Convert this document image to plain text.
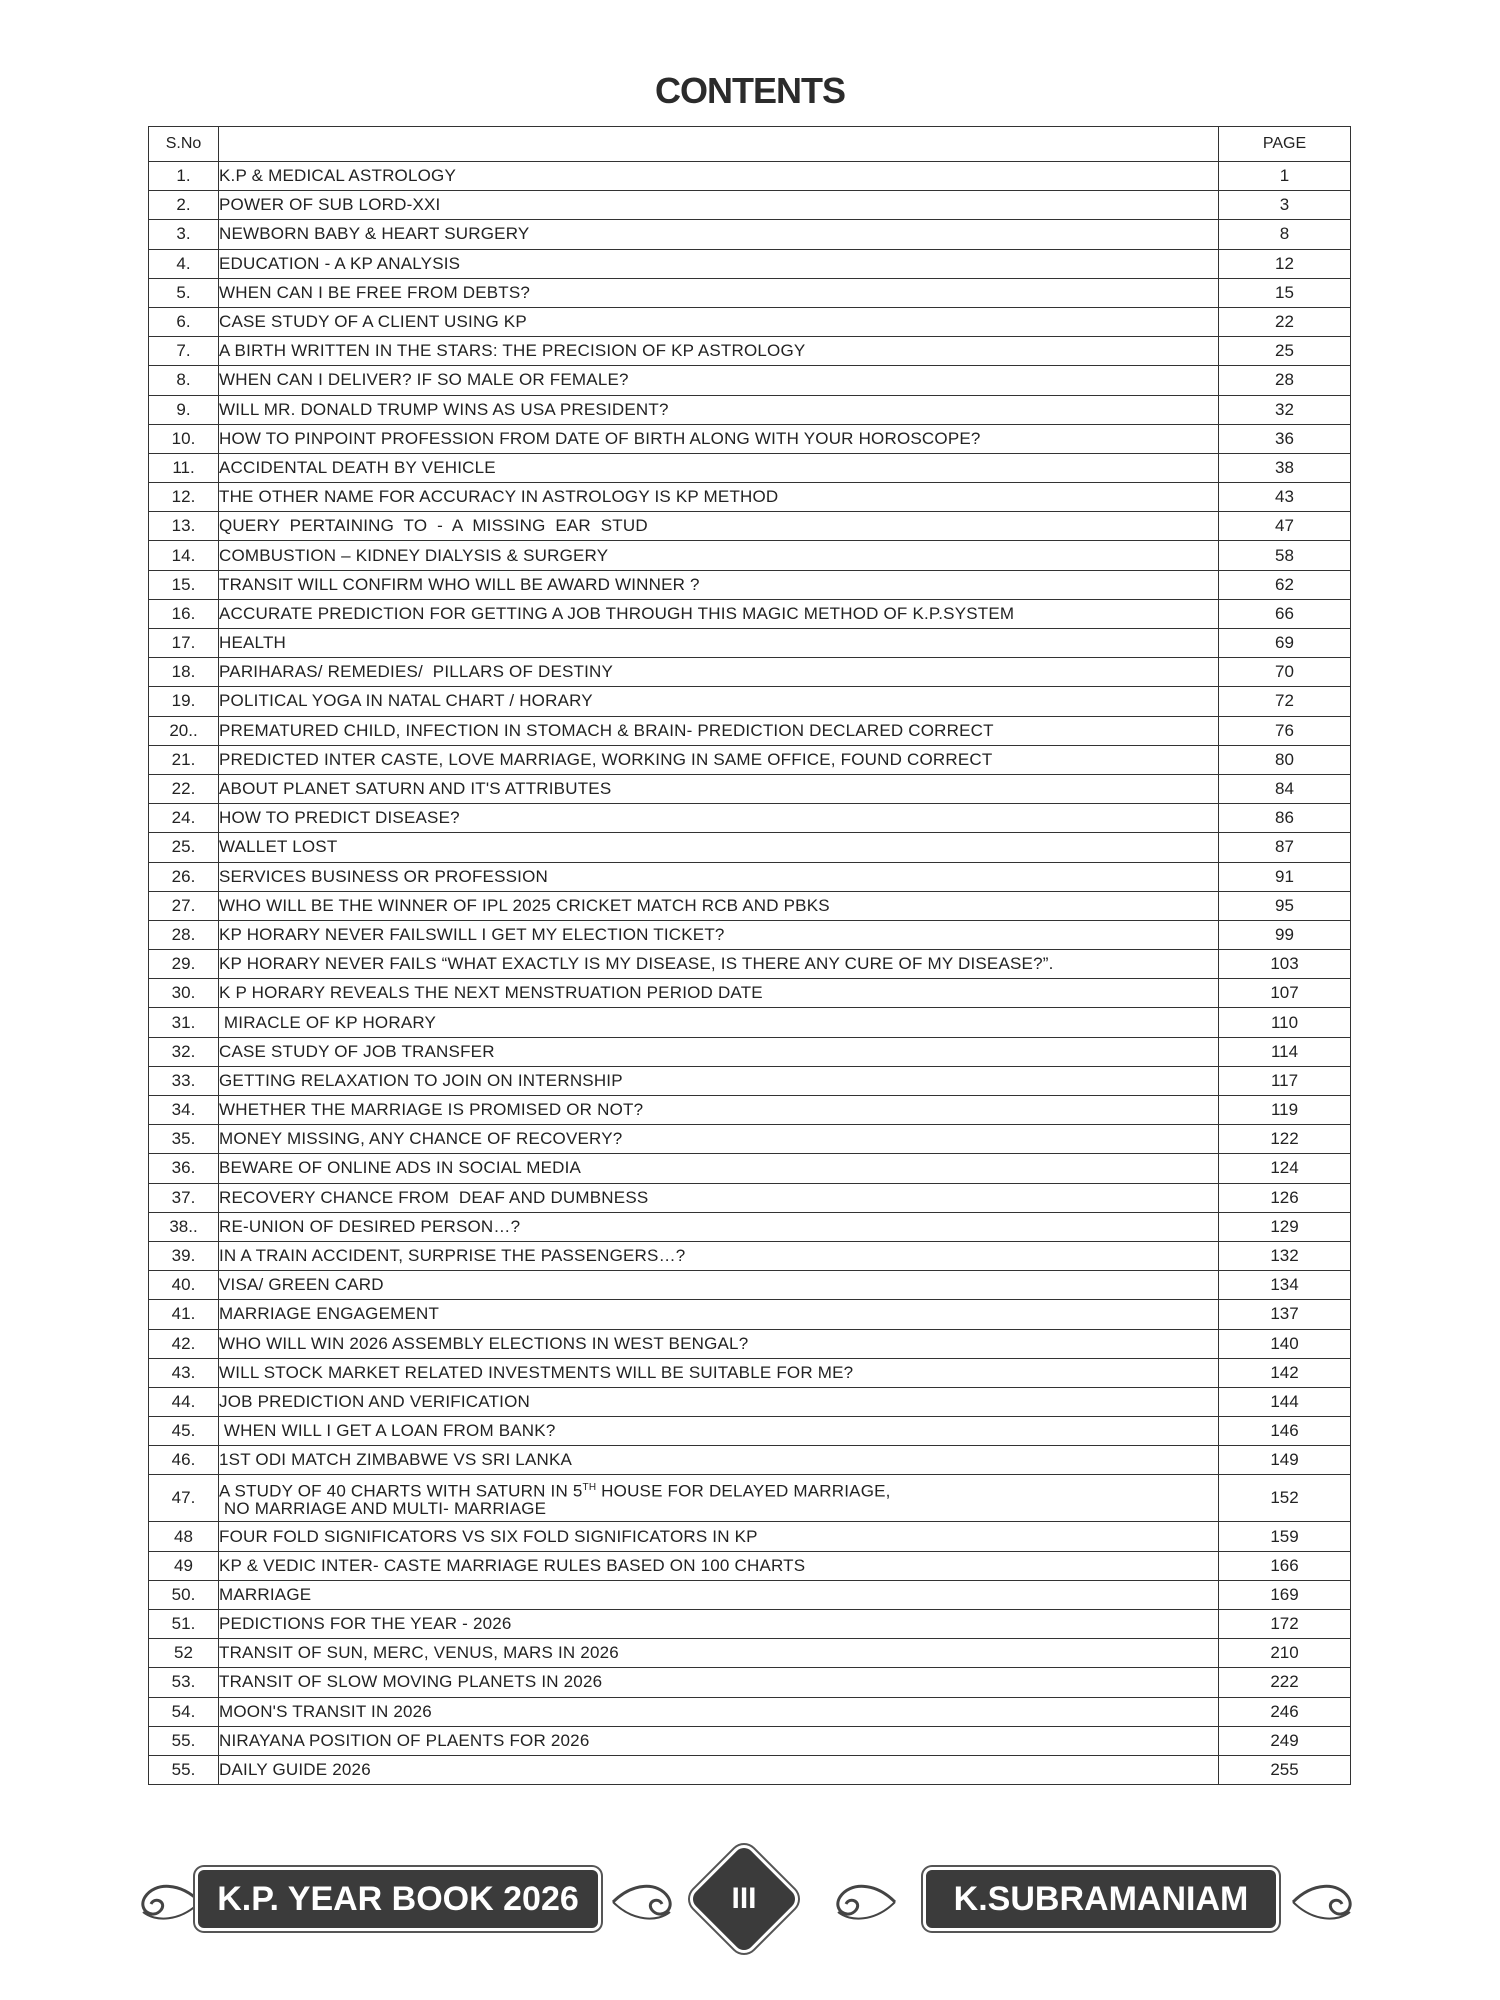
CONTENTS
S.No		PAGE
1.	K.P & MEDICAL ASTROLOGY	1
2.	POWER OF SUB LORD-XXI	3
3.	NEWBORN BABY & HEART SURGERY	8
4.	EDUCATION - A KP ANALYSIS	12
5.	WHEN CAN I BE FREE FROM DEBTS?	15
6.	CASE STUDY OF A CLIENT USING KP	22
7.	A BIRTH WRITTEN IN THE STARS: THE PRECISION OF KP ASTROLOGY	25
8.	WHEN CAN I DELIVER? IF SO MALE OR FEMALE?	28
9.	WILL MR. DONALD TRUMP WINS AS USA PRESIDENT?	32
10.	HOW TO PINPOINT PROFESSION FROM DATE OF BIRTH ALONG WITH YOUR HOROSCOPE?	36
11.	ACCIDENTAL DEATH BY VEHICLE	38
12.	THE OTHER NAME FOR ACCURACY IN ASTROLOGY IS KP METHOD	43
13.	QUERY  PERTAINING  TO  -  A  MISSING  EAR  STUD	47
14.	COMBUSTION – KIDNEY DIALYSIS & SURGERY	58
15.	TRANSIT WILL CONFIRM WHO WILL BE AWARD WINNER ?	62
16.	ACCURATE PREDICTION FOR GETTING A JOB THROUGH THIS MAGIC METHOD OF K.P.SYSTEM	66
17.	HEALTH	69
18.	PARIHARAS/ REMEDIES/  PILLARS OF DESTINY	70
19.	POLITICAL YOGA IN NATAL CHART / HORARY	72
20..	PREMATURED CHILD, INFECTION IN STOMACH & BRAIN- PREDICTION DECLARED CORRECT	76
21.	PREDICTED INTER CASTE, LOVE MARRIAGE, WORKING IN SAME OFFICE, FOUND CORRECT	80
22.	ABOUT PLANET SATURN AND IT'S ATTRIBUTES	84
24.	HOW TO PREDICT DISEASE?	86
25.	WALLET LOST	87
26.	SERVICES BUSINESS OR PROFESSION	91
27.	WHO WILL BE THE WINNER OF IPL 2025 CRICKET MATCH RCB AND PBKS	95
28.	KP HORARY NEVER FAILSWILL I GET MY ELECTION TICKET?	99
29.	KP HORARY NEVER FAILS “WHAT EXACTLY IS MY DISEASE, IS THERE ANY CURE OF MY DISEASE?”.	103
30.	K P HORARY REVEALS THE NEXT MENSTRUATION PERIOD DATE	107
31.	MIRACLE OF KP HORARY	110
32.	CASE STUDY OF JOB TRANSFER	114
33.	GETTING RELAXATION TO JOIN ON INTERNSHIP	117
34.	WHETHER THE MARRIAGE IS PROMISED OR NOT?	119
35.	MONEY MISSING, ANY CHANCE OF RECOVERY?	122
36.	BEWARE OF ONLINE ADS IN SOCIAL MEDIA	124
37.	RECOVERY CHANCE FROM  DEAF AND DUMBNESS	126
38..	RE-UNION OF DESIRED PERSON…?	129
39.	IN A TRAIN ACCIDENT, SURPRISE THE PASSENGERS…?	132
40.	VISA/ GREEN CARD	134
41.	MARRIAGE ENGAGEMENT	137
42.	WHO WILL WIN 2026 ASSEMBLY ELECTIONS IN WEST BENGAL?	140
43.	WILL STOCK MARKET RELATED INVESTMENTS WILL BE SUITABLE FOR ME?	142
44.	JOB PREDICTION AND VERIFICATION	144
45.	WHEN WILL I GET A LOAN FROM BANK?	146
46.	1ST ODI MATCH ZIMBABWE VS SRI LANKA	149
47.	A STUDY OF 40 CHARTS WITH SATURN IN 5TH HOUSE FOR DELAYED MARRIAGE,
NO MARRIAGE AND MULTI- MARRIAGE	152
48	FOUR FOLD SIGNIFICATORS VS SIX FOLD SIGNIFICATORS IN KP	159
49	KP & VEDIC INTER- CASTE MARRIAGE RULES BASED ON 100 CHARTS	166
50.	MARRIAGE	169
51.	PEDICTIONS FOR THE YEAR - 2026	172
52	TRANSIT OF SUN, MERC, VENUS, MARS IN 2026	210
53.	TRANSIT OF SLOW MOVING PLANETS IN 2026	222
54.	MOON'S TRANSIT IN 2026	246
55.	NIRAYANA POSITION OF PLAENTS FOR 2026	249
55.	DAILY GUIDE 2026	255
K.P. YEAR BOOK 2026	III	K.SUBRAMANIAM
